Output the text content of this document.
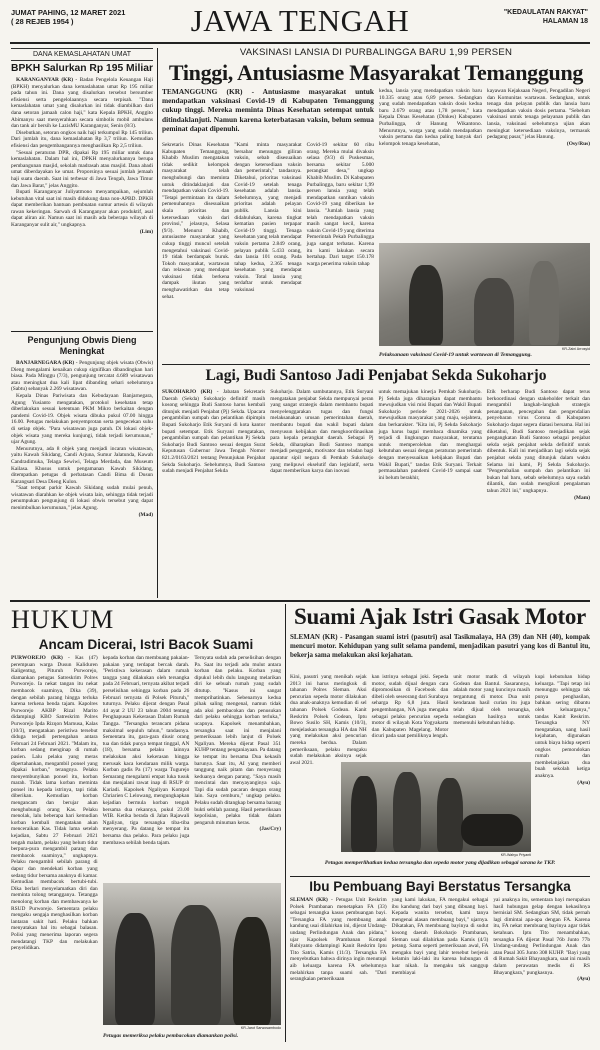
JUMAT PAHING, 12 MARET 2021
( 28 REJEB 1954 )	JAWA TENGAH	"KEDAULATAN RAKYAT"
HALAMAN 18
DANA KEMASLAHATAN UMAT
BPKH Salurkan Rp 195 Miliar

KARANGANYAR (KR) - Badan Pengelola Keuangan Haji (BPKH) menyalurkan dana kemaslahatan umat Rp 195 miliar pada tahun ini. Dana yang disalurkan tersebut bersumber efisiensi serta pengelolaannya secara terpisah. "Dana kemaslahatan umat yang disalurkan ini tidak diambilkan dari dana setoran jamaah calon haji," kata Kepala BPKH, Anggito Abimanyu saat menyerahkan secara simbolis mobil ambulans dan tank air bersih ke LazisMU Karanganyar, Senin (8/3).

Disebutkan, setoran ongkos naik haji terkumpul Rp 145 triliun. Dari jumlah itu, dana kemaslahatan Rp 3,7 triliun. Kemudian efisiensi dan pengembangannya menghasilkan Rp 2,5 triliun.

"Sesuai peraturan DPR, dipakai Rp 195 miliar untuk dana kemaslahatan. Dalam hal ini, DPKH menyalurkannya berupa pembangunan masjid, sekolah madrasah atau masjid. Dana abadi umat diberdayakan ke umat. Proporsinya sesuai jumlah jemaah haji suatu daerah. Saat ini terbesar di Jawa Tengah, Jawa Timur dan Jawa Barat," jelas Anggito.

Bupati Karanganyar Juliyatmono menyampaikan, sejumlah kebutuhan vital saat ini masih didukung dana non-APBD. DPKH dapat memberikan bantuan pembuatan sumur artesis di wilayah rawan kekeringan. Sarwah di Karanganyar akan produktif, asal dapat aliran air. Namun saat ini masih ada beberapa wilayah di Karanganyar sulit air," ungkapnya.

(Lim)
Pengunjung Obwis Dieng Meningkat

BANJARNEGARA (KR) - Pengunjung objek wisata (Obwis) Dieng mengalami kenaikan cukup signifikan dibandingkan hari biasa. Pada Minggu (7/3), pengunjung tercatat 4.689 wisatawan atau meningkat dua kali lipat dibanding sehari sebelumnya (Sabtu) sebanyak 2.269 wisatawan.

Kepala Dinas Pariwisata dan Kebudayaan Banjarnegara, Agung Yusianto mengatakan, protokol kesehatan tetap diberlakukan sesuai ketentuan PKM Mikro berkaitan dengan pandemi Covid-19. Objek wisata dibuka pukul 07.00 hingga 16.00. Petugas melakukan penyemprotan serta pengecekan suhu di setiap objek. "Para wisatawan juga patuh. Di lokasi objek-objek wisata yang mereka kunjungi, tidak terjadi kerumunan," ujar Agung.

Menurutnya, ada 8 objek yang menjadi incaran wisatawan, yaitu Kawah Sikidang, Candi Arjuna, Sumur Jalatunda, Kawah Candradimuka, Telaga Sewiwi, Telaga Merdada, dan Museum Kailasa. Khusus untuk pengamanan Kawah Sikidang, ditempatkan petugas di perbatasan Candi Bima di Dusun Karangsari Desa Dieng Kulon.

"Saat tempat parkir Kawah Sikidang sudah mulai penuh, wisatawan diarahkan ke objek wisata lain, sehingga tidak terjadi penumpukan pengunjung di lokasi obwis tersebut yang dapat menimbulkan kerumunan," jelas Agung.

(Mad)
VAKSINASI LANSIA DI PURBALINGGA BARU 1,99 PERSEN
Tinggi, Antusiasme Masyarakat Temanggung
TEMANGGUNG (KR) - Antusiasme masyarakat untuk mendapatkan vaksinasi Covid-19 di Kabupaten Temanggung cukup tinggi. Mereka meminta Dinas Kesehatan setempat untuk ditindaklanjuti. Namun karena keterbatasan vaksin, belum semua peminat dapat dipenuhi.
Sekretaris Dinas Kesehatan Kabupaten Temanggung, Khabib Muslim mengatakan tidak sedikit kelompok masyarakat telah menghubungi dan meminta untuk ditindaklanjuti dan mendapatkan vaksin Covid-19. "Tetapi permintaan itu dalam pemenuhannya disesuaikan skala prioritas dan ketersediaan vaksin dari provinsi," jelasnya, Selasa (9/3). Menurut Khabib, antusiasme masyarakat yang cukup tinggi muncul setelah mengetahui vaksinasi Covid-19 tidak berdampak buruk. Tokoh masyarakat, wartawan dan relawan yang mendapat vaksinasi tidak berkena dampak ikutan yang menghawatirkan dan tetap sehat.
"Kami minta masyarakat bersabar menunggu giliran vaksin, sebab disesuaikan dengan ketersediaan vaksin dan pemerintah," tandasnya. Diketahui, prioritas vaksinasi Covid-19 setelah tenaga kesehatan adalah lansia. Sebelumnya, yang menjadi prioritas adalah pelayan publik. Lansia kini didahulukan, karena tingkat kematian pasien terpapar Covid-19 tinggi. Tenaga kesehatan yang telah mendapat vaksin pertama 2.849 orang, pelayan publik 5.433 orang, dan lansia 101 orang. Pada tahap kedua, 2.365 tenaga kesehatan yang mendapat vaksin. Total lansia yang terdaftar untuk mendapat vaksinasi
Covid-19 sekitar 60 ribu orang. Mereka mulai divaksin selasa (9/3) di Puskesmas, bersama sekitar 5.000 perangkat desa," ungkap Khabib Muslim. Di Kabupaten Purbalingga, baru sekitar 1,99 persen lansia yang telah mendapatkan suntikan vaksin Covid-19 yang diberikan ke lansia. "Jumlah lansia yang telah mendapatkan vaksin masih sangat kecil, karena vaksin Covid-19 yang diterima Pemerintah Pekab Purbalingga juga sangat terbatas. Karena itu kami lakukan secara bertahap. Dari target 150.178 warga penerima vaksin tahap
kedua, lansia yang mendapatkan vaksin baru 10.335 orang atau 6,89 persen. Sedangkan yang sudah mendapatkan vaksin dosis kedua baru 2.679 orang atau 1,78 persen," kata Kepala Dinas Kesehatan (Dinkes) Kabupaten Purbalingga, dr Hanung Wikantono. Menurutnya, warga yang sudah mendapatkan vaksin pertama dan kedua paling banyak dari kelompok tenaga kesehatan,
kayawan Kejaksaan Negeri, Pengadilan Negeri dan Komunitas wartawan. Sedangkan, untuk tenaga dan pelayan publik dan lansia baru mendapatkan vaksin dosis pertama. "Sebelum vaksinasi untuk tenaga pelayanan publik dan lansia, vaksinasi sebelumnya ujian akan meningkat ketersediaan vaksinya, termasuk pedagang pasar," jelas Hanung.
(Osy/Rus)
KR-Zaini Arrosyid
Pelaksanaan vaksinasi Covid-19 untuk wartawan di Temanggung.
Lagi, Budi Santoso Jadi Penjabat Sekda Sukoharjo
SUKOHARJO (KR) - Jabatan Sekretaris Daerah (Sekda) Sukoharjo definitif masih kosong sehingga Budi Santoso harus kembali ditunjuk menjadi Penjabat (Pj) Sekda. Upacara pengambilan sumpah dan pelantikan dipimpin Bupati Sukoharjo Etik Suryani di kota kantor bupati setempat. Etik Suryani mengatakan, pengambilan sumpah dan pelantikan Pj Sekda Sukoharjo Budi Santoso sesuai dengan Surat Keputusan Gubernur Jawa Tengah Nomor 821.2/0163/2021 tentang Penunjukan Penjabat Sekda Sukoharjo. Sebelumnya, Budi Santoso sudah menjadi Penjabat Sekda
Sukoharjo. Dalam sambutannya, Etik Suryani mengatakan penjabat Sekda mempunyai peran yang sangat strategis dalam membantu bupati menyelenggarakan tugas dan fungsi melaksanakan urusan pemerintahan daerah, membantu bupati dan wakil bupati dalam menyusun kebijakan dan mengkoordinasikan para kepala perangkat daerah. Sebagai Pj Sekda, diharapkan Budi Santoso mampu menjadi penggerak, motivator dan teladan bagi aparatur sipil negara di Pemkab Sukoharjo yang melipuwi ekselutif dan legislatif, serta dapat memberikan karya dan inovasi
untuk memajukan kinerja Pemkab Sukoharjo. Pj Sekda juga diharapkan dapat membantu mewujudkan visi misi Bupati dan Wakil Bupati Sukoharjo periode 2021-2026 untuk mewujudkan masyarakat yang maju, sejahtera, dan berkarakter. "Kita ini, Pj Sekda Sukoharjo juga harus bagai membaca dinamika yang terjadi di lingkungan masyarakat, terutama untuk memperolehan dan menghargai kebutuhan sesuai dengan peraturan pemerintah dengan menyesuaikan kebijakan Bupati dan Wakil Bupati," tandas Etik Suryani. Terkait permasalahan pandemi Covid-19 sampai saat ini belum berakhir,
Etik berharap Budi Santoso dapat terus berkoordinasi dengan stakeholder terkait dan mengambil langkah-langkah strategis penanganan, pencegahan dan pengendalian penyebaran virus Corona di Kabupaten Sukoharjo dapat segera diatasi bersama. Hal ini diketahui, Budi Santoso menjadikan sejak pengangkatan Budi Santoso sebagai penjabat sekda sejak penjabat sekda definitif untuk dibentuk. Kali ini menjadikan lagi sekda sejak penjabat sekda yang ditunjuk dalam waktu Selama ini kami, Pj Sekda Sukoharjo. "Pengembalian sumpah dan pelantikan ini bukan hal baru, sebab sebelumnya saya sudah dilantik, dan sudah mengikuti pengalaman tahun 2021 ini," ungkapnya.
(Mam)
HUKUM
Ancam Dicerai, Istri Bacok Suami
PURWOREJO (KR) - Kas (47) perempuan warga Dusun Kaliduren Kaligentng, Pituruh Purworejo, diamankan petugas Satreskrim Polres Purworejo. Ia nekat tangan itu nekat membacok suaminya, Dika (39), dengan sebilah parang hingga terluka karena terkena benda tajam. Kapolres Purworejo AKBP Rizal Marito didampingi KBO Satreskrim Polres Purworejo Ipda Rizqon Marnusa, Kalas (10/3), mengatakan peristiwa tersebut diduga terjadi pertengahan antara Februari 24 Februari 2021. "Malam itu, korban sedang menginap di rumah pasien. Lalu pelaku yang meras dipertahankan, mengambil ponsel yang dipakai korban," terangnya. Pelaku menyembunyikan ponsel itu, korban marah. Tidak lama korban meminta ponsel itu kepada istrinya, tapi tidak diberikan. Kemudian korban mengancam dan berujar akan menghubungi orang Kas. Pelaku menolak, lalu beberapa hari kemudian korban kembali mengatakan akan menceraikan Kas. Tidak lama setelah kejadian, Sabtu 27 Februari 2021 tengah malam, pelaku yang belum tidur berpura-pura mengambil parang dan membacok suaminya," ungkapnya. Pelaku mengambil sebilah parang di dapur dan mendekati korban yang sedang tidur bersama anaknya di kamar. Kemudian membacok bertubi-tubi. Dika berlari menyelamatkan diri dan meminta tolong tetangganya. Tetangga menolong korban dan membawanya ke RSUD Purworejo. Sementara pelaku mengaku sengaja menghasilkan korban lantaran sakit hati. Pelaku bahkan menyatakan hal itu sebagai balasan. Polisi yang menerima laporan segera mendatangi TKP dan melakukan penyelidikan.
kepada korban dan membuang pakaian-pakaian yang terdapat bercak darah. "Peristiwa kekerasan dalam rumah tangga yang dilakukan oleh tersangka pada 24 Februari, ternyata akibat terjadi perselisihan sehingga korban pada 26 Februari ternyata di Polsek Pituruh," tuturnya. Pelaku dijerat dengan Pasal 44 ayat 2 UU 23 tahun 2004 tentang Penghapusan Kekerasan Dalam Rumah Tangga. "Tersangka terancam pidana maksimal sepuluh tahun," tandasnya. Sementara itu, gara-gara diusir orang tua dan tidak punya tempat tinggal, AN (18), bersama pelaku lainnya melakukan aksi kekerasan hingga merusak kaca kendaraan milik warga. Korban gadis Pa (17) warga Tugurejo Semarang mengalami empat luka tusuk dan menjalani rawat inap di RSUP dr Kariadi. Kapolsek Ngaliyan Kompol Chriarien C Lelowang, mengungkapkan kejadian bermula korban tengah bersama dua rekannya, pukul 23.00 WIB. Ketika berada di Jalan Rajawali Ngaliyan, tiga tersangka tiba-tiba menyerang. Pa datang ke tempat itu bersama dua pelaku. Para pelaku juga membawa sebilah benda tajam.
Ternyata sudah ada perselisihan dengan Pa. Saat itu terjadi adu mulut antara korban dan pelaku. Korban yang dipukul lebih dulu langsung melarikan diri ke sebuah rumah yang sudah ditutup. "Kasus ini sangat memprihatinkan. Sebenarnya kedua pihak saling mengenal, namun tidak ada aksi pembacokan dan penusukan dari pelaku sehingga korban terluka," ucapnya. Kapolsek menambahkan, tersangka saat ini menjalani pemeriksaan lebih lanjut di Polsek Ngaliyan. Mereka dijerat Pasal 351 KUHP tentang penganiayaan. Pa datang ke tempat itu bersama Dua kekasih barunya. Saat itu, AI yang memberi tanggung naik pitam dan menyerang keduanya dengan parang. "Saya masih mencintai dan menyayanginya saja. Tapi dia sudah pacaran dengan orang lain. Saya cemburu," ungkap pelaku. Pelaku sudah ditangkap bersama barang bukti sebilah parang. Hasil pemeriksaan kepolisian, pelaku tidak dalam pengaruh minuman keras.
(Jas/Cry)
KR-Jarot Sarwosambodo
Petugas memeriksa pelaku pembacokan diamankan polisi.
Suami Ajak Istri Gasak Motor
SLEMAN (KR) - Pasangan suami istri (pasutri) asal Tasikmalaya, HA (39) dan NH (40), kompak mencuri motor. Kehidupan yang sulit selama pandemi, menjadikan pasutri yang kos di Bantul itu, bekerja sama melakukan aksi kejahatan.
Kini, pasutri yang menikah sejak 2013 ini harus meringkuk di tahanan Polres Sleman. Aksi pencurian sepeda motor dilakukan dua anak-anaknya kemudian di sel tahanan Polsek Godean. Kanit Reskrim Polsek Godean, Iptu Bowo Susilo SH, Kamis (10/3), menjelaskan tersangka HA dan NH yang melakukan aksi pencurian mereka berdua. Dalam pemeriksaan, pelaku mengaku sudah melakukan aksinya sejak awal 2021.
kan istrinya sebagai joki. Sepeda motor, sudah dijual dengan cara dipromosikan di Facebook dan dibeli oleh seseorang dari Surabaya seharga Rp 6,8 juta. Hasil pengembangan, NA juga mengaku sebagai pelaku pencurian sepeda motor di wilayah Kota Yogyakarta dan Kabupaten Magelang. Motor dicuri pada saat pemiliknya lengah.
unit motor matik di wilayah Godean dan Bantul. Sasarannya, adalah motor yang kuncinya masih tergantung di motor. Dua unit kendaraan hasil curian itu juga telah dijual oleh tersangka, sedangkan hasilnya untuk memenuhi kebutuhan hidup.
kupi kebutuhan hidup keluarga. "Tapi tetap ini menunggu sehingga tak punya penghasilan, bahkan sering dibantu oleh keluarganya," tandas Kanit Reskrim. Tersangka NY mengatakan, uang hasil kejahatan, digunakan untuk biaya hidup seperti ongkos pemondokan rumah dan membelanjakan dua buah sekolah ketiga anaknya.
(Ayu)
KR-Wahyu Priyanti
Petugas memperlihatkan kedua tersangka dan sepeda motor yang dijadikan sebagai sarana ke TKP.
Ibu Pembuang Bayi Berstatus Tersangka
SLEMAN (KR) - Petugas Unit Reskrim Polsek Prambanan menetapkan FA (33) sebagai tersangka kasus pembuangan bayi. "Tersangka FA yang membuang anak kandung usai dilahirkan ini, dijerat Undang-undang Perlindungan Anak dan pidana," ujar Kapolsek Prambanan Kompol Rubiyanto didampingi Kanit Reskrim Iptu Tito Satria, Kamis (11/3). Tersangka FA menyebutkan bahwa dirinya ingin menutupi aib keluarga karena FA sebelumnya melahirkan tanpa suami sah. "Dari serangkaian pemeriksaan
yang kami lakukan, FA mengakui sebagai ibu kandung dari bayi yang dibuang bayi. Kepada wanita tersebut, kami tanya mengenai alasan membuang bayi," ujarnya. Dikatakan, FA membuang bayinya di sudut kosong daerah Bokoharjo Prambanan, Sleman usai dilahirkan pada Kamis (4/3) petang. Sama seperti pemeriksaan awal, FA mengaku bayi yang lahir tersebut berjenis kelamin laki-laki itu karena hubungan di luar nikah. Ia mengaku tak sanggup membiayai
yai anaknya itu, sementara bayi merupakan hasil hubungan gelap dengan kekasihnya bernisial SM. Sedangkan SM, tidak pernah lagi dimintai apa-apa dengan FA. Karena itu, FA nekat membuang bayinya agar tidak ketahuan. Iptu Tito menambahkan, tersangka FA dijerat Pasal 76b Junto 77b Undang-undang Perlindungan Anak dan atau Pasal 305 Junto 308 KUHP. "Bayi yang di Rumah Sakit Bhayangkara, saat ini masih dalam perawatan medis di RS Bhayangkara," pungkasnya.
(Ayu)
